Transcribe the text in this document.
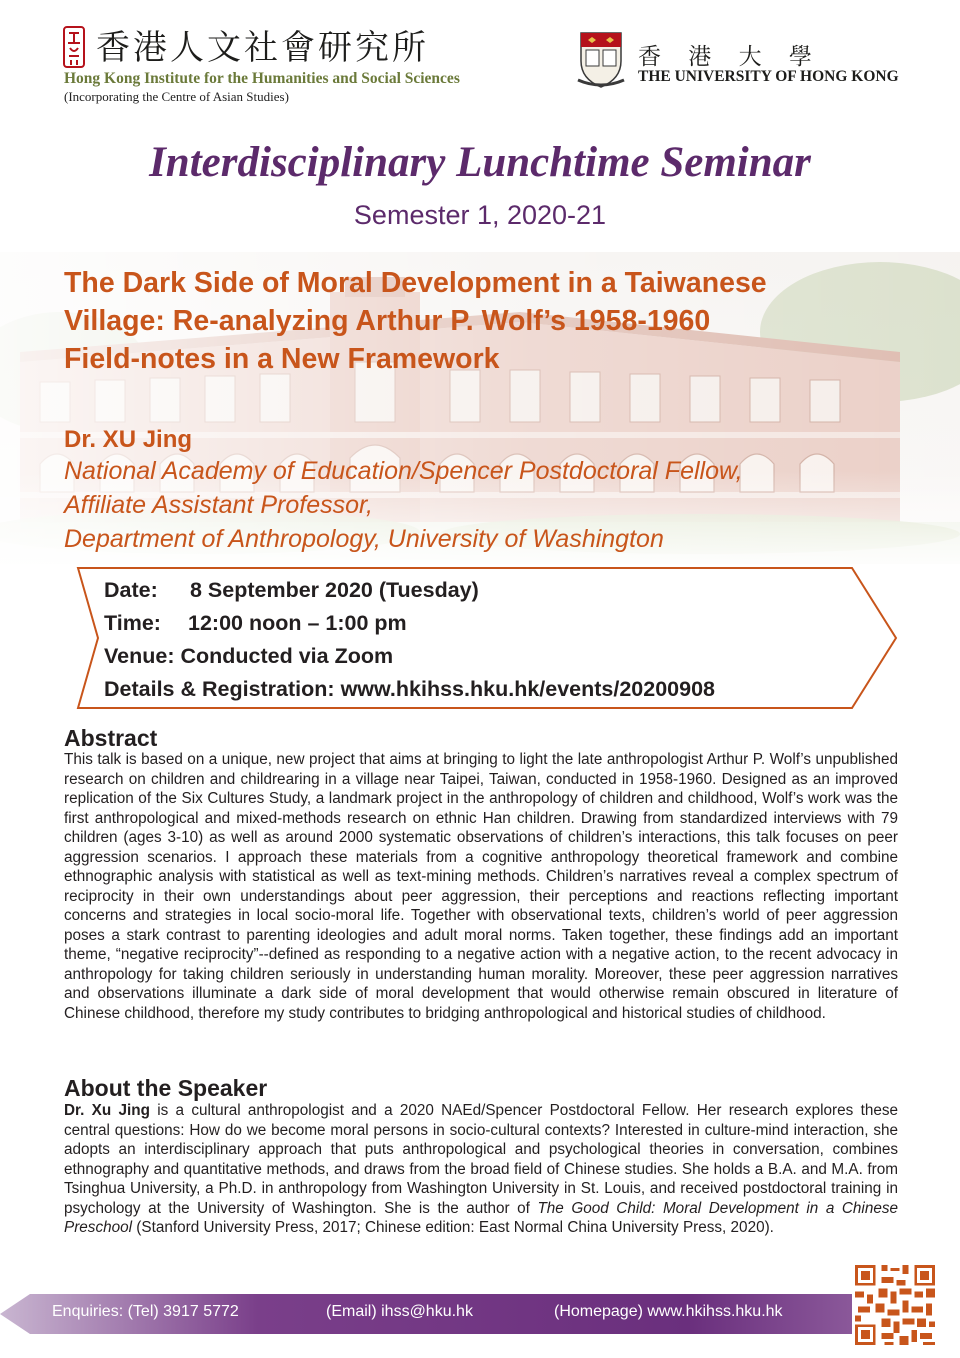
香港人文社會研究所
Hong Kong Institute for the Humanities and Social Sciences
(Incorporating the Centre of Asian Studies)
香 港 大 學
THE UNIVERSITY OF HONG KONG
Interdisciplinary Lunchtime Seminar
Semester 1, 2020-21
The Dark Side of Moral Development in a Taiwanese
Village: Re-analyzing Arthur P. Wolf’s 1958-1960
Field-notes in a New Framework
Dr. XU Jing
National Academy of Education/Spencer Postdoctoral Fellow,
Affiliate Assistant Professor,
Department of Anthropology, University of Washington
Date: 8 September 2020 (Tuesday)
Time: 12:00 noon – 1:00 pm
Venue: Conducted via Zoom
Details & Registration: www.hkihss.hku.hk/events/20200908
Abstract
This talk is based on a unique, new project that aims at bringing to light the late anthropologist Arthur P. Wolf’s unpublished research on children and childrearing in a village near Taipei, Taiwan, conducted in 1958-1960. Designed as an improved replication of the Six Cultures Study, a landmark project in the anthropology of children and childhood, Wolf’s work was the first anthropological and mixed-methods research on ethnic Han children. Drawing from standardized interviews with 79 children (ages 3-10) as well as around 2000 systematic observations of children’s interactions, this talk focuses on peer aggression scenarios. I approach these materials from a cognitive anthropology theoretical framework and combine ethnographic analysis with statistical as well as text-mining methods. Children’s narratives reveal a complex spectrum of reciprocity in their own understandings about peer aggression, their perceptions and reactions reflecting important concerns and strategies in local socio-moral life. Together with observational texts, children’s world of peer aggression poses a stark contrast to parenting ideologies and adult moral norms. Taken together, these findings add an important theme, “negative reciprocity”--defined as responding to a negative action with a negative action, to the recent advocacy in anthropology for taking children seriously in understanding human morality. Moreover, these peer aggression narratives and observations illuminate a dark side of moral development that would otherwise remain obscured in literature of Chinese childhood, therefore my study contributes to bridging anthropological and historical studies of childhood.
About the Speaker
Dr. Xu Jing is a cultural anthropologist and a 2020 NAEd/Spencer Postdoctoral Fellow. Her research explores these central questions: How do we become moral persons in socio-cultural contexts? Interested in culture-mind interaction, she adopts an interdisciplinary approach that puts anthropological and psychological theories in conversation, combines ethnography and quantitative methods, and draws from the broad field of Chinese studies. She holds a B.A. and M.A. from Tsinghua University, a Ph.D. in anthropology from Washington University in St. Louis, and received postdoctoral training in psychology at the University of Washington. She is the author of The Good Child: Moral Development in a Chinese Preschool (Stanford University Press, 2017; Chinese edition: East Normal China University Press, 2020).
Enquiries: (Tel) 3917 5772	(Email) ihss@hku.hk	(Homepage) www.hkihss.hku.hk
